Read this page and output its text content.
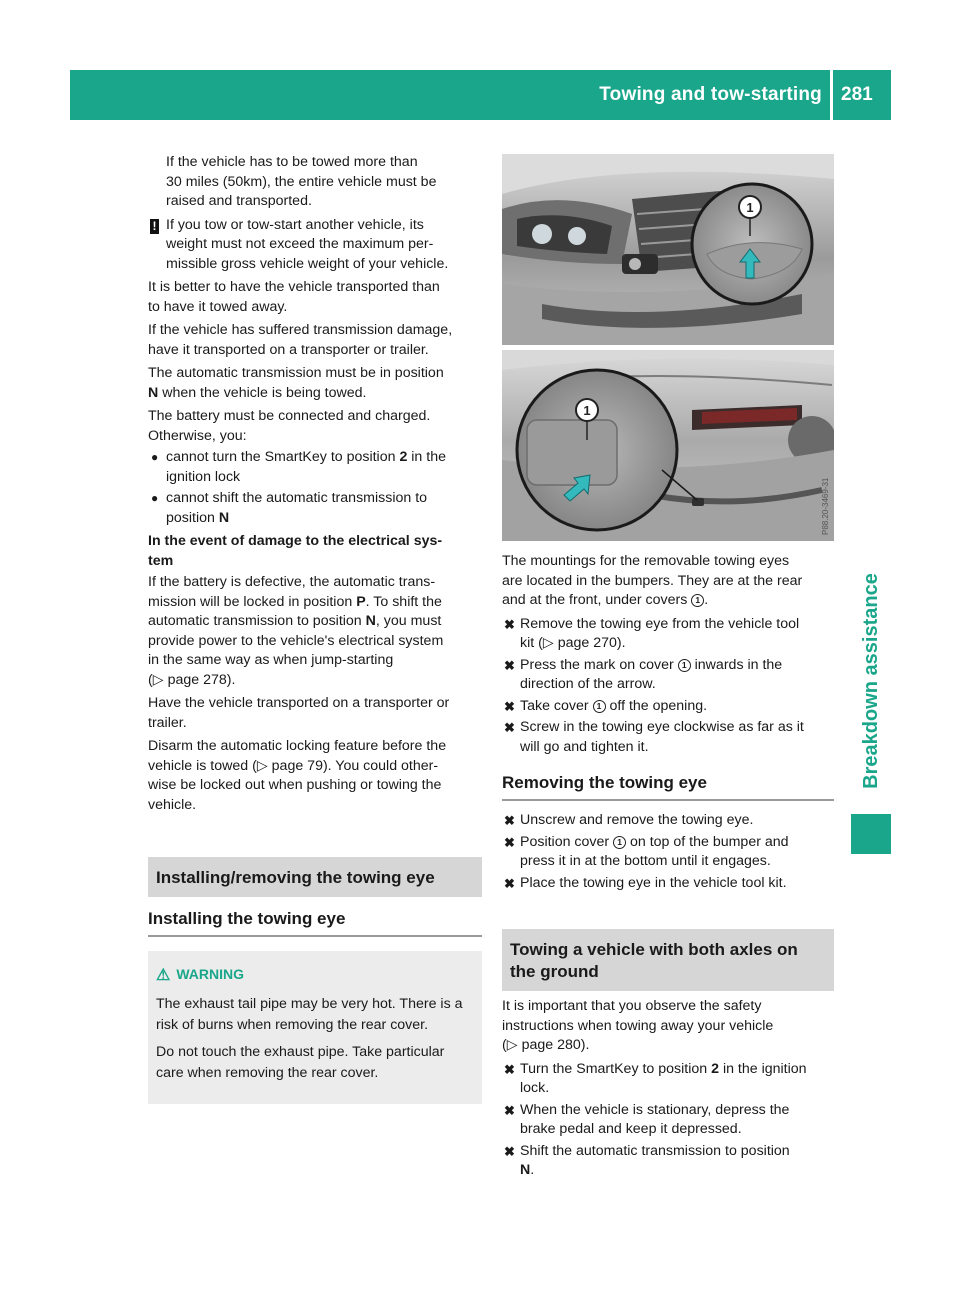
Towing and tow-starting 281
Breakdown assistance

If the vehicle has to be towed more than
30 miles (50km), the entire vehicle must be
raised and transported.

! If you tow or tow-start another vehicle, its
weight must not exceed the maximum per-
missible gross vehicle weight of your vehicle.

It is better to have the vehicle transported than
to have it towed away.

If the vehicle has suffered transmission damage,
have it transported on a transporter or trailer.

The automatic transmission must be in position
N when the vehicle is being towed.

The battery must be connected and charged.
Otherwise, you:

● cannot turn the SmartKey to position 2 in the
ignition lock
● cannot shift the automatic transmission to
position N
In the event of damage to the electrical sys-
tem

If the battery is defective, the automatic trans-
mission will be locked in position P. To shift the
automatic transmission to position N, you must
provide power to the vehicle's electrical system
in the same way as when jump-starting
(▷ page 278).

Have the vehicle transported on a transporter or
trailer.

Disarm the automatic locking feature before the
vehicle is towed (▷ page 79). You could other-
wise be locked out when pushing or towing the
vehicle.

Installing/removing the towing eye
Installing the towing eye
⚠ WARNING

The exhaust tail pipe may be very hot. There is a risk of burns when removing the rear cover.

Do not touch the exhaust pipe. Take particular care when removing the rear cover.

1
1
P88.20-3469-31

The mountings for the removable towing eyes
are located in the bumpers. They are at the rear
and at the front, under covers 1 .

✖ Remove the towing eye from the vehicle tool
kit (▷ page 270).
✖ Press the mark on cover 1 inwards in the
direction of the arrow.
✖ Take cover 1 off the opening.
✖ Screw in the towing eye clockwise as far as it
will go and tighten it.
Removing the towing eye
✖ Unscrew and remove the towing eye.
✖ Position cover 1 on top of the bumper and
press it in at the bottom until it engages.
✖ Place the towing eye in the vehicle tool kit.
Towing a vehicle with both axles on
the ground

It is important that you observe the safety
instructions when towing away your vehicle
(▷ page 280).

✖ Turn the SmartKey to position 2 in the ignition
lock.
✖ When the vehicle is stationary, depress the
brake pedal and keep it depressed.
✖ Shift the automatic transmission to position
N.
